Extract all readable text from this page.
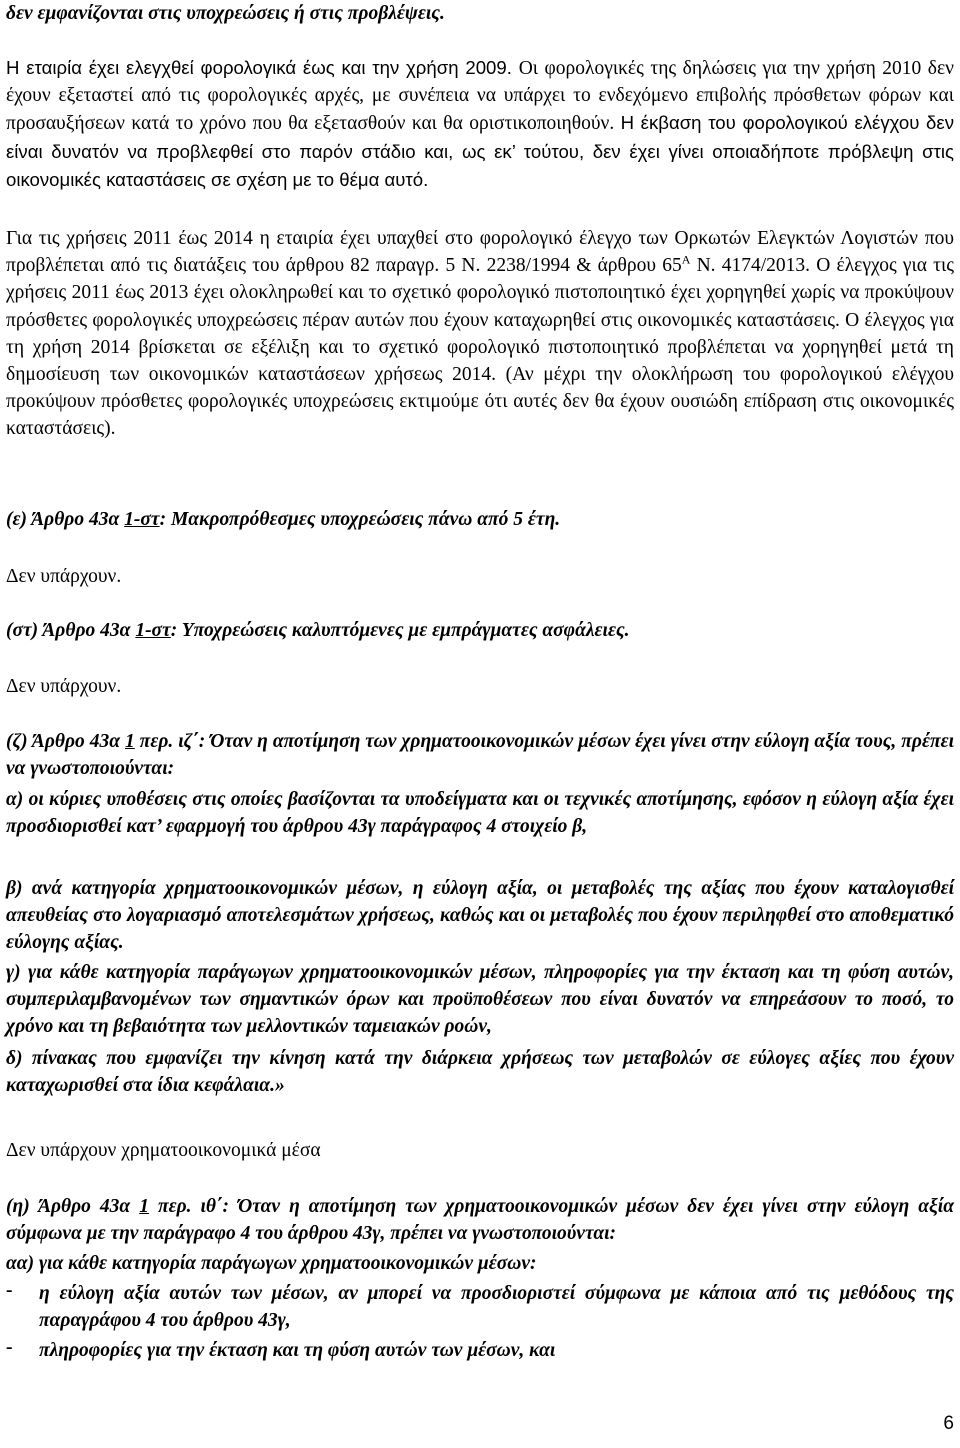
δεν εμφανίζονται στις υποχρεώσεις ή στις προβλέψεις.

Η εταιρία έχει ελεγχθεί φορολογικά έως και την χρήση 2009. Οι φορολογικές της δηλώσεις για την χρήση 2010 δεν έχουν εξεταστεί από τις φορολογικές αρχές, με συνέπεια να υπάρχει το ενδεχόμενο επιβολής πρόσθετων φόρων και προσαυξήσεων κατά το χρόνο που θα εξετασθούν και θα οριστικοποιηθούν. Η έκβαση του φορολογικού ελέγχου δεν είναι δυνατόν να προβλεφθεί στο παρόν στάδιο και, ως εκ’ τούτου, δεν έχει γίνει οποιαδήποτε πρόβλεψη στις οικονομικές καταστάσεις σε σχέση με το θέμα αυτό.

Για τις χρήσεις 2011 έως 2014 η εταιρία έχει υπαχθεί στο φορολογικό έλεγχο των Ορκωτών Ελεγκτών Λογιστών που προβλέπεται από τις διατάξεις του άρθρου 82 παραγρ. 5 Ν. 2238/1994 & άρθρου $65^A$ Ν. 4174/2013. Ο έλεγχος για τις χρήσεις 2011 έως 2013 έχει ολοκληρωθεί και το σχετικό φορολογικό πιστοποιητικό έχει χορηγηθεί χωρίς να προκύψουν πρόσθετες φορολογικές υποχρεώσεις πέραν αυτών που έχουν καταχωρηθεί στις οικονομικές καταστάσεις. Ο έλεγχος για τη χρήση 2014 βρίσκεται σε εξέλιξη και το σχετικό φορολογικό πιστοποιητικό προβλέπεται να χορηγηθεί μετά τη δημοσίευση των οικονομικών καταστάσεων χρήσεως 2014. (Αν μέχρι την ολοκλήρωση του φορολογικού ελέγχου προκύψουν πρόσθετες φορολογικές υποχρεώσεις εκτιμούμε ότι αυτές δεν θα έχουν ουσιώδη επίδραση στις οικονομικές καταστάσεις).

(ε) Άρθρο 43α 1-στ: Μακροπρόθεσμες υποχρεώσεις πάνω από 5 έτη.

Δεν υπάρχουν.

(στ) Άρθρο 43α 1-στ: Υποχρεώσεις καλυπτόμενες με εμπράγματες ασφάλειες.

Δεν υπάρχουν.

(ζ) Άρθρο 43α 1 περ. ιζ΄: Όταν η αποτίμηση των χρηματοοικονομικών μέσων έχει γίνει στην εύλογη αξία τους, πρέπει να γνωστοποιούνται:

α) οι κύριες υποθέσεις στις οποίες βασίζονται τα υποδείγματα και οι τεχνικές αποτίμησης, εφόσον η εύλογη αξία έχει προσδιορισθεί κατ’ εφαρμογή του άρθρου 43γ παράγραφος 4 στοιχείο β,

β) ανά κατηγορία χρηματοοικονομικών μέσων, η εύλογη αξία, οι μεταβολές της αξίας που έχουν καταλογισθεί απευθείας στο λογαριασμό αποτελεσμάτων χρήσεως, καθώς και οι μεταβολές που έχουν περιληφθεί στο αποθεματικό εύλογης αξίας.

γ) για κάθε κατηγορία παράγωγων χρηματοοικονομικών μέσων, πληροφορίες για την έκταση και τη φύση αυτών, συμπεριλαμβανομένων των σημαντικών όρων και προϋποθέσεων που είναι δυνατόν να επηρεάσουν το ποσό, το χρόνο και τη βεβαιότητα των μελλοντικών ταμειακών ροών,

δ) πίνακας που εμφανίζει την κίνηση κατά την διάρκεια χρήσεως των μεταβολών σε εύλογες αξίες που έχουν καταχωρισθεί στα ίδια κεφάλαια.»

Δεν υπάρχουν χρηματοοικονομικά μέσα

(η) Άρθρο 43α 1 περ. ιθ΄: Όταν η αποτίμηση των χρηματοοικονομικών μέσων δεν έχει γίνει στην εύλογη αξία σύμφωνα με την παράγραφο 4 του άρθρου 43γ, πρέπει να γνωστοποιούνται:

αα) για κάθε κατηγορία παράγωγων χρηματοοικονομικών μέσων:

-	η εύλογη αξία αυτών των μέσων, αν μπορεί να προσδιοριστεί σύμφωνα με κάποια από τις μεθόδους της παραγράφου 4 του άρθρου 43γ,
-	πληροφορίες για την έκταση και τη φύση αυτών των μέσων, και
6
